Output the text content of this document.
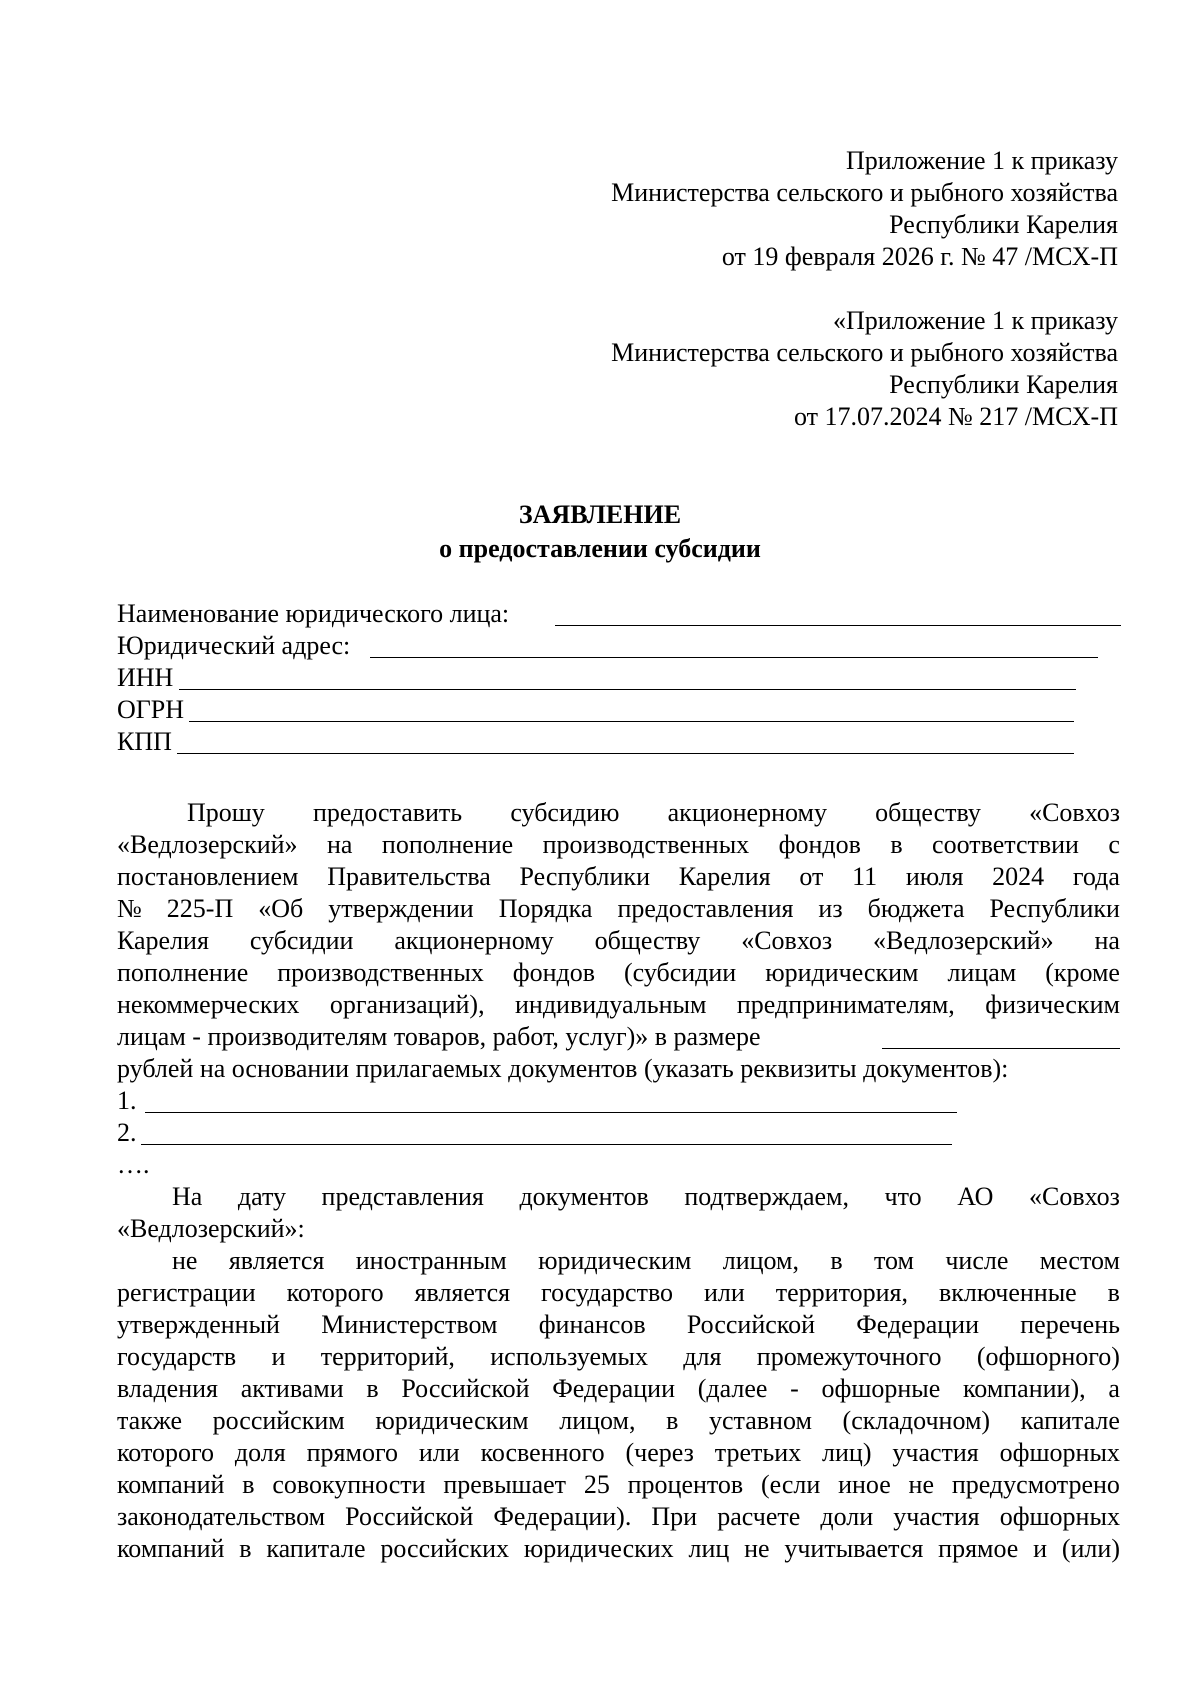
Приложение 1 к приказу
Министерства сельского и рыбного хозяйства
Республики Карелия
от 19 февраля 2026 г. № 47 /МСХ-П
«Приложение 1 к приказу
Министерства сельского и рыбного хозяйства
Республики Карелия
от 17.07.2024 № 217 /МСХ-П
ЗАЯВЛЕНИЕ
о предоставлении субсидии
Наименование юридического лица:
Юридический адрес:
ИНН
ОГРН
КПП
Прошу предоставить субсидию акционерному обществу «Совхоз
«Ведлозерский» на пополнение производственных фондов в соответствии с
постановлением Правительства Республики Карелия от 11 июля 2024 года
№ 225-П «Об утверждении Порядка предоставления из бюджета Республики
Карелия субсидии акционерному обществу «Совхоз «Ведлозерский» на
пополнение производственных фондов (субсидии юридическим лицам (кроме
некоммерческих организаций), индивидуальным предпринимателям, физическим
лицам - производителям товаров, работ, услуг)» в размере
рублей на основании прилагаемых документов (указать реквизиты документов):
1.
2.
….
На дату представления документов подтверждаем, что АО «Совхоз
«Ведлозерский»:
не является иностранным юридическим лицом, в том числе местом
регистрации которого является государство или территория, включенные в
утвержденный Министерством финансов Российской Федерации перечень
государств и территорий, используемых для промежуточного (офшорного)
владения активами в Российской Федерации (далее - офшорные компании), а
также российским юридическим лицом, в уставном (складочном) капитале
которого доля прямого или косвенного (через третьих лиц) участия офшорных
компаний в совокупности превышает 25 процентов (если иное не предусмотрено
законодательством Российской Федерации). При расчете доли участия офшорных
компаний в капитале российских юридических лиц не учитывается прямое и (или)
